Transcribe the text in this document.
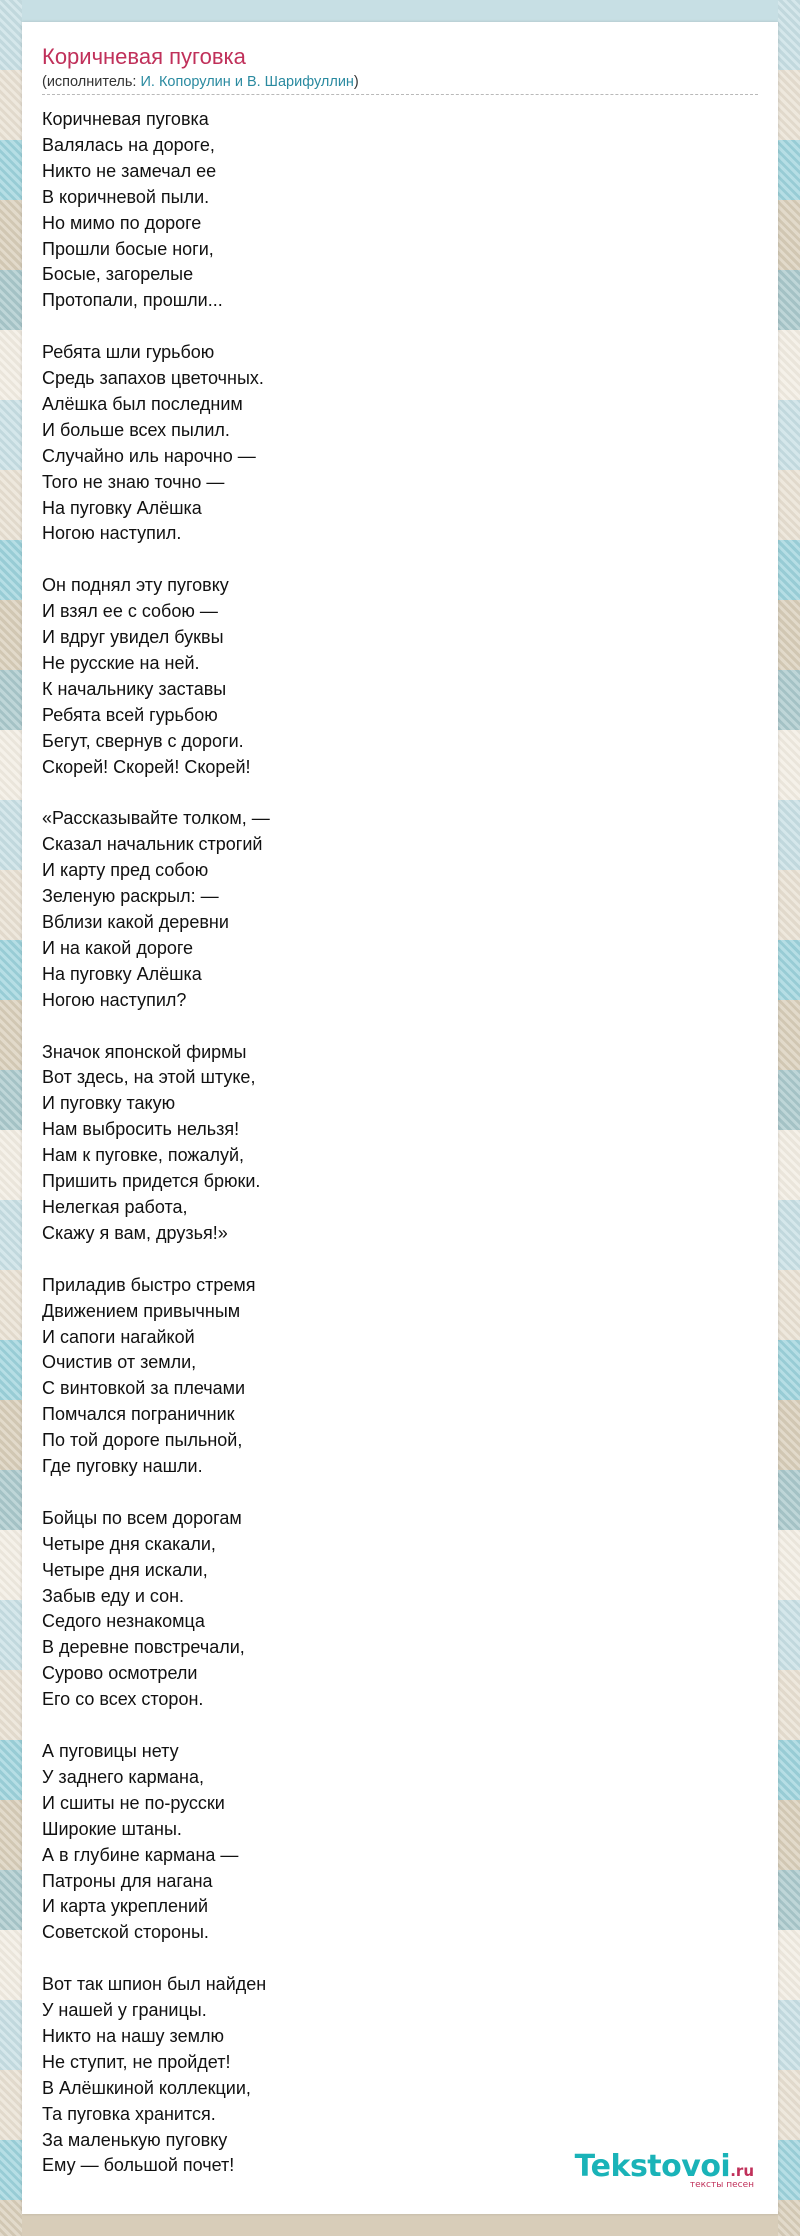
Коричневая пуговка
(исполнитель: И. Копорулин и В. Шарифуллин)
Коричневая пуговка
Валялась на дороге,
Никто не замечал ее
В коричневой пыли.
Но мимо по дороге
Прошли босые ноги,
Босые, загорелые
Протопали, прошли...
Ребята шли гурьбою
Средь запахов цветочных.
Алёшка был последним
И больше всех пылил.
Случайно иль нарочно —
Того не знаю точно —
На пуговку Алёшка
Ногою наступил.
Он поднял эту пуговку
И взял ее с собою —
И вдруг увидел буквы
Не русские на ней.
К начальнику заставы
Ребята всей гурьбою
Бегут, свернув с дороги.
Скорей! Скорей! Скорей!
«Рассказывайте толком, —
Сказал начальник строгий
И карту пред собою
Зеленую раскрыл: —
Вблизи какой деревни
И на какой дороге
На пуговку Алёшка
Ногою наступил?
Значок японской фирмы
Вот здесь, на этой штуке,
И пуговку такую
Нам выбросить нельзя!
Нам к пуговке, пожалуй,
Пришить придется брюки.
Нелегкая работа,
Скажу я вам, друзья!»
Приладив быстро стремя
Движением привычным
И сапоги нагайкой
Очистив от земли,
С винтовкой за плечами
Помчался пограничник
По той дороге пыльной,
Где пуговку нашли.
Бойцы по всем дорогам
Четыре дня скакали,
Четыре дня искали,
Забыв еду и сон.
Седого незнакомца
В деревне повстречали,
Сурово осмотрели
Его со всех сторон.
А пуговицы нету
У заднего кармана,
И сшиты не по-русски
Широкие штаны.
А в глубине кармана —
Патроны для нагана
И карта укреплений
Советской стороны.
Вот так шпион был найден
У нашей у границы.
Никто на нашу землю
Не ступит, не пройдет!
В Алёшкиной коллекции,
Та пуговка хранится.
За маленькую пуговку
Ему — большой почет!	Tekstovoi.ru
тексты песен
